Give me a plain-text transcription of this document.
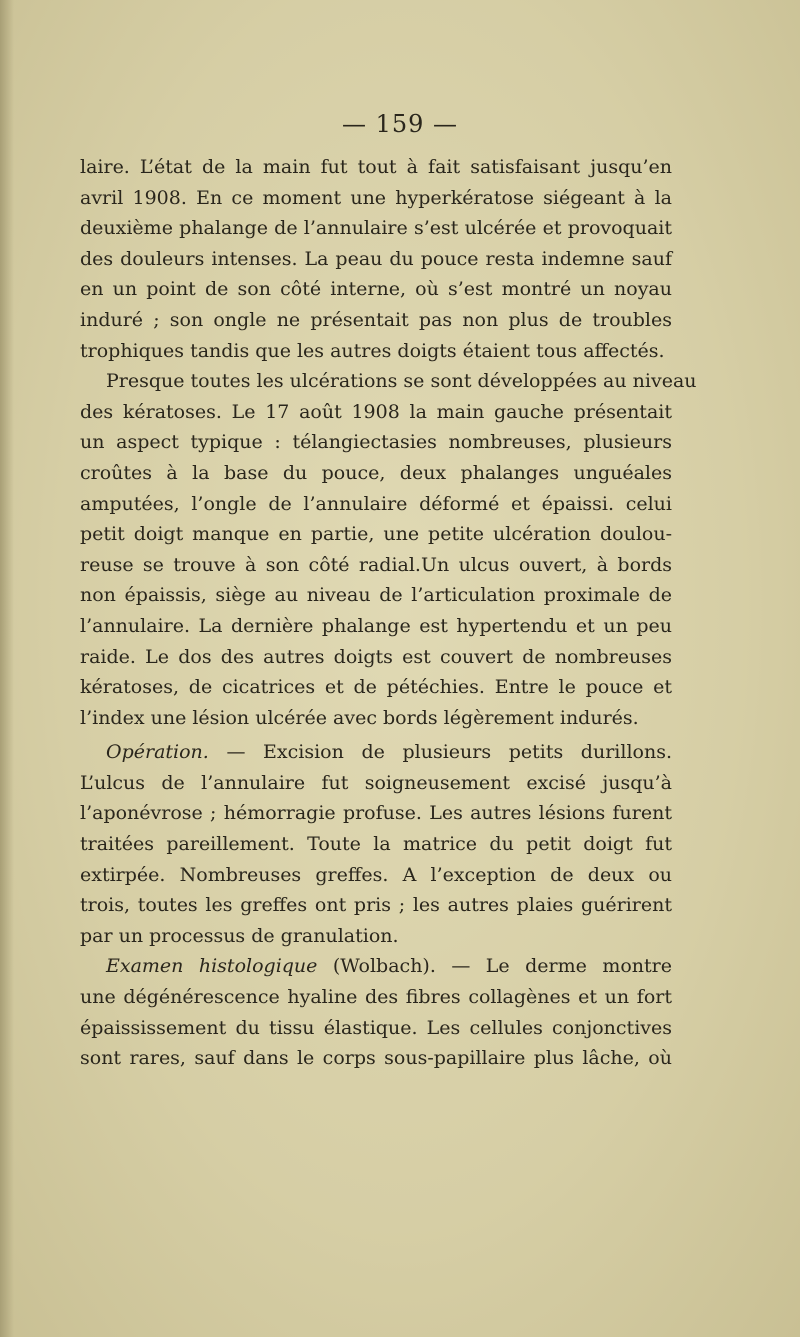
— 159 —
laire. L’état de la main fut tout à fait satisfaisant jusqu’en
avril 1908. En ce moment une hyperkératose siégeant à la
deuxième phalange de l’annulaire s’est ulcérée et provoquait
des douleurs intenses. La peau du pouce resta indemne sauf
en un point de son côté interne, où s’est montré un noyau
induré ; son ongle ne présentait pas non plus de troubles
trophiques tandis que les autres doigts étaient tous affectés.
Presque toutes les ulcérations se sont développées au niveau
des kératoses. Le 17 août 1908 la main gauche présentait
un aspect typique : télangiectasies nombreuses, plusieurs
croûtes à la base du pouce, deux phalanges unguéales
amputées, l’ongle de l’annulaire déformé et épaissi. celui
petit doigt manque en partie, une petite ulcération doulou-
reuse se trouve à son côté radial.Un ulcus ouvert, à bords
non épaissis, siège au niveau de l’articulation proximale de
l’annulaire. La dernière phalange est hypertendu et un peu
raide. Le dos des autres doigts est couvert de nombreuses
kératoses, de cicatrices et de pétéchies. Entre le pouce et
l’index une lésion ulcérée avec bords légèrement indurés.
Opération. — Excision de plusieurs petits durillons.
L’ulcus de l’annulaire fut soigneusement excisé jusqu’à
l’aponévrose ; hémorragie profuse. Les autres lésions furent
traitées pareillement. Toute la matrice du petit doigt fut
extirpée. Nombreuses greffes. A l’exception de deux ou
trois, toutes les greffes ont pris ; les autres plaies guérirent
par un processus de granulation.
Examen histologique (Wolbach). — Le derme montre
une dégénérescence hyaline des fibres collagènes et un fort
épaississement du tissu élastique. Les cellules conjonctives
sont rares, sauf dans le corps sous-papillaire plus lâche, où
